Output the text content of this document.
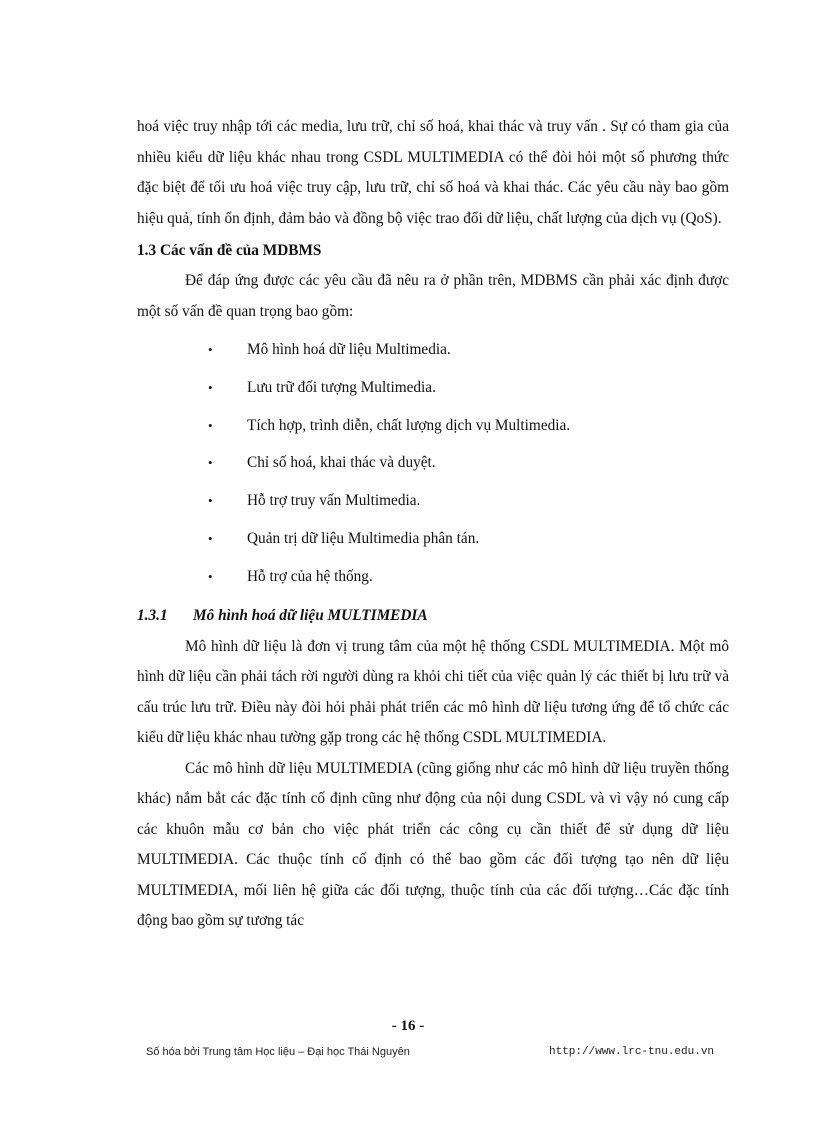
hoá việc truy nhập tới các media, lưu trữ, chỉ số hoá, khai thác và truy vấn . Sự có tham gia của nhiều kiểu dữ liệu khác nhau trong CSDL MULTIMEDIA có thể đòi hỏi một số phương thức đặc biệt để tối ưu hoá việc truy cập, lưu trữ, chỉ số hoá và khai thác. Các yêu cầu này bao gồm hiệu quả, tính ổn định, đảm bảo và đồng bộ việc trao đổi dữ liệu, chất lượng của dịch vụ (QoS).

1.3 Các vấn đề của MDBMS

Để đáp ứng được các yêu cầu đã nêu ra ở phần trên, MDBMS cần phải xác định được một số vấn đề quan trọng bao gồm:

• Mô hình hoá dữ liệu Multimedia.
• Lưu trữ đối tượng Multimedia.
• Tích hợp, trình diễn, chất lượng dịch vụ Multimedia.
• Chỉ số hoá, khai thác và duyệt.
• Hỗ trợ truy vấn Multimedia.
• Quản trị dữ liệu Multimedia phân tán.
• Hỗ trợ của hệ thống.
1.3.1 Mô hình hoá dữ liệu MULTIMEDIA

Mô hình dữ liệu là đơn vị trung tâm của một hệ thống CSDL MULTIMEDIA. Một mô hình dữ liệu cần phải tách rời người dùng ra khỏi chi tiết của việc quản lý các thiết bị lưu trữ và cấu trúc lưu trữ. Điều này đòi hỏi phải phát triển các mô hình dữ liệu tương ứng để tổ chức các kiểu dữ liệu khác nhau tường gặp trong các hệ thống CSDL MULTIMEDIA.

Các mô hình dữ liệu MULTIMEDIA (cũng giống như các mô hình dữ liệu truyền thống khác) nắm bắt các đặc tính cố định cũng như động của nội dung CSDL và vì vậy nó cung cấp các khuôn mẫu cơ bản cho việc phát triển các công cụ cần thiết để sử dụng dữ liệu MULTIMEDIA. Các thuộc tính cố định có thể bao gồm các đối tượng tạo nên dữ liệu MULTIMEDIA, mối liên hệ giữa các đối tượng, thuộc tính của các đối tượng…Các đặc tính động bao gồm sự tương tác

- 16 -
Số hóa bởi Trung tâm Học liệu – Đại học Thái Nguyên	http://www.lrc-tnu.edu.vn
